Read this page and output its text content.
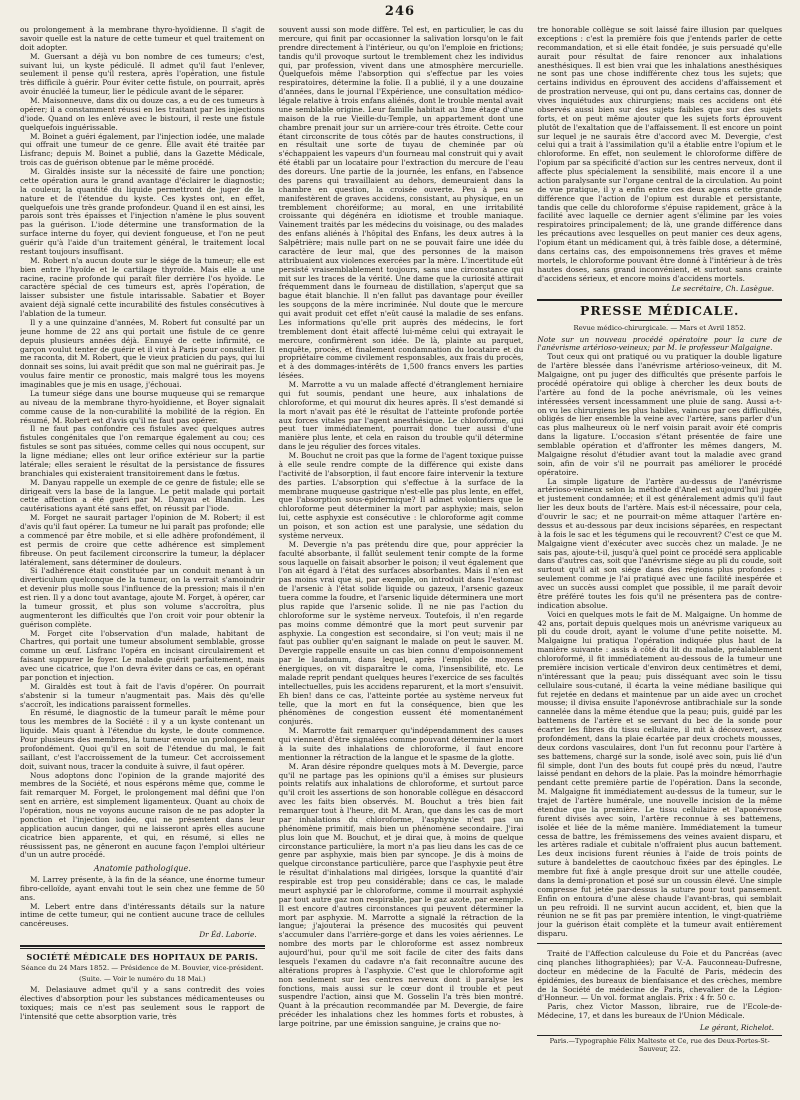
246

ou prolongement à la membrane thyro-hyoïdienne. Il s'agit de savoir quelle est la nature de cette tumeur et quel traitement on doit adopter.

M. Guersant a déjà vu bon nombre de ces tumeurs; c'est, suivant lui, un kyste pédiculé. Il admet qu'il faut l'enlever, seulement il pense qu'il restera, après l'opération, une fistule très difficile à guérir. Pour éviter cette fistule, on pourrait, après avoir énucléé la tumeur, lier le pédicule avant de le séparer.

M. Maisonneuve, dans dix ou douze cas, a eu de ces tumeurs à opérer; il a constamment réussi en les traitant par les injections d'iode. Quand on les enlève avec le bistouri, il reste une fistule quelquefois inguérissable.

M. Boinet a guéri également, par l'injection iodée, une malade qui offrait une tumeur de ce genre. Elle avait été traitée par Lisfranc; depuis M. Boinet a publié, dans la Gazette Médicale, trois cas de guérison obtenue par le même procédé.

M. Giraldès insiste sur la nécessité de faire une ponction; cette opération aura le grand avantage d'éclairer le diagnostic; la couleur, la quantité du liquide permettront de juger de la nature et de l'étendue du kyste. Ces kystes ont, en effet, quelquefois une très grande profondeur. Quand il en est ainsi, les parois sont très épaisses et l'injection n'amène le plus souvent pas la guérison. L'iode détermine une transformation de la surface interne du foyer, qui devient fongueuse, et l'on ne peut guérir qu'à l'aide d'un traitement général, le traitement local restant toujours insuffisant.

M. Robert n'a aucun doute sur le siége de la tumeur; elle est bien entre l'hyoïde et le cartilage thyroïde. Mais elle a une racine, racine profonde qui paraît filer derrière l'os hyoïde. Le caractère spécial de ces tumeurs est, après l'opération, de laisser subsister une fistule intarissable. Sabatier et Boyer avaient déjà signalé cette incurabilité des fistules consécutives à l'ablation de la tumeur.

Il y a une quinzaine d'années, M. Robert fut consulté par un jeune homme de 22 ans qui portait une fistule de ce genre depuis plusieurs années déjà. Ennuyé de cette infirmité, ce garçon voulut tenter de guérir et il vint à Paris pour consulter. Il me raconta, dit M. Robert, que le vieux praticien du pays, qui lui donnait ses soins, lui avait prédit que son mal ne guérirait pas. Je voulus faire mentir ce pronostic, mais malgré tous les moyens imaginables que je mis en usage, j'échouai.

La tumeur siége dans une bourse muqueuse qui se remarque au niveau de la membrane thyro-hyoïdienne, et Boyer signalait comme cause de la non-curabilité la mobilité de la région. En résumé, M. Robert est d'avis qu'il ne faut pas opérer.

Il ne faut pas confondre ces fistules avec quelques autres fistules congénitales que l'on remarque également au cou; ces fistules se sont pas situées, comme celles qui nous occupent, sur la ligne médiane; elles ont leur orifice extérieur sur la partie latérale; elles seraient le résultat de la persistance de fissures branchiales qui existeraient transitoirement dans le fœtus.

M. Danyau rappelle un exemple de ce genre de fistule; elle se dirigeait vers la base de la langue. Le petit malade qui portait cette affection a été guéri par M. Danyau et Blandin. Les cautérisations ayant été sans effet, on réussit par l'iode.

M. Forget ne saurait partager l'opinion de M. Robert; il est d'avis qu'il faut opérer. La tumeur ne lui paraît pas profonde; elle a commencé par être mobile, et si elle adhère profondément, il est permis de croire que cette adhérence est simplement fibreuse. On peut facilement circonscrire la tumeur, la déplacer latéralement, sans déterminer de douleurs.

Si l'adhérence était constituée par un conduit menant à un diverticulum quelconque de la tumeur, on la verrait s'amoindrir et devenir plus molle sous l'influence de la pression; mais il n'en est rien. Il y a donc tout avantage, ajoute M. Forget, à opérer, car la tumeur grossit, et plus son volume s'accroîtra, plus augmenteront les difficultés que l'on croit voir pour obtenir la guérison complète.

M. Forget cite l'observation d'un malade, habitant de Chartres, qui portait une tumeur absolument semblable, grosse comme un œuf. Lisfranc l'opéra en incisant circulairement et faisant suppurer le foyer. Le malade guérit parfaitement, mais avec une cicatrice, que l'on devra éviter dans ce cas, en opérant par ponction et injection.

M. Giraldès est tout à fait de l'avis d'opérer. On pourrait s'abstenir si la tumeur n'augmentait pas. Mais dès qu'elle s'accroît, les indications paraissent formelles.

En résumé, le diagnostic de la tumeur paraît le même pour tous les membres de la Société : il y a un kyste contenant un liquide. Mais quant à l'étendue du kyste, le doute commence. Pour plusieurs des membres, la tumeur envoie un prolongement profondément. Quoi qu'il en soit de l'étendue du mal, le fait saillant, c'est l'accroissement de la tumeur. Cet accroissement doit, suivant nous, tracer la conduite à suivre, il faut opérer.

Nous adoptons donc l'opinion de la grande majorité des membres de la Société, et nous espérons même que, comme le fait remarquer M. Forget, le prolongement mal défini que l'on sent en arrière, est simplement ligamenteux. Quant au choix de l'opération, nous ne voyons aucune raison de ne pas adopter la ponction et l'injection iodée, qui ne présentent dans leur application aucun danger, qui ne laisseront après elles aucune cicatrice bien apparente, et qui, en résumé, si elles ne réussissent pas, ne gêneront en aucune façon l'emploi ultérieur d'un un autre procédé.

Anatomie pathologique.

M. Larrey présente, à la fin de la séance, une énorme tumeur fibro-celloïde, ayant envahi tout le sein chez une femme de 50 ans.

M. Lebert entre dans d'intéressants détails sur la nature intime de cette tumeur, qui ne contient aucune trace de cellules cancéreuses.

Dr Éd. Laborie.
SOCIÉTÉ MÉDICALE DES HOPITAUX DE PARIS.
Séance du 24 Mars 1852. — Présidence de M. Bouvier, vice-président.
(Suite. — Voir le numéro du 18 Mai.)

M. Delasiauve admet qu'il y a sans contredit des voies électives d'absorption pour les substances médicamenteuses ou toxiques; mais ce n'est pas seulement sous le rapport de l'intensité que cette absorption varie, très

souvent aussi son mode diffère. Tel est, en particulier, le cas du mercure, qui finit par occasionner la salivation lorsqu'on le fait prendre directement à l'intérieur, ou qu'on l'emploie en frictions; tandis qu'il provoque surtout le tremblement chez les individus qui, par profession, vivent dans une atmosphère mercurielle. Quelquefois même l'absorption qui s'effectue par les voies respiratoires, détermine la folie. Il a publié, il y a une douzaine d'années, dans le journal l'Expérience, une consultation médico-légale relative à trois enfans aliénés, dont le trouble mental avait une semblable origine. Leur famille habitait au 3me étage d'une maison de la rue Vieille-du-Temple, un appartement dont une chambre prenait jour sur un arrière-cour très étroite. Cette cour étant circonscrite de tous côtés par de hautes constructions, il en résultait une sorte de tuyau de cheminée par où s'échappaient les vapeurs d'un fourneau mal construit qui y avait été établi par un locataire pour l'extraction du mercure de l'eau des doreurs. Une partie de la journée, les enfans, en l'absence des parens qui travaillaient au dehors, demeuraient dans la chambre en question, la croisée ouverte. Peu à peu se manifestèrent de graves accidens, consistant, au physique, en un tremblement choréiforme; au moral, en une irritabilité croissante qui dégénéra en idiotisme et trouble maniaque. Vainement traités par les médecins du voisinage, ou des malades des enfans aliénés à l'hôpital des Enfans, les deux autres à la Salpêtrière; mais nulle part on ne se pouvait faire une idée du caractère de leur mal, que des personnes de la maison attribuaient aux violences exercées par la mère. L'incertitude eût persisté vraisemblablement toujours, sans une circonstance qui mit sur les traces de la vérité. Une dame que la curiosité attirait fréquemment dans le fourneau de distillation, s'aperçut que sa bague était blanchie. Il n'en fallut pas davantage pour éveiller les soupçons de la mère incriminée. Nul doute que le mercure qui avait produit cet effet n'eût causé la maladie de ses enfans. Les informations qu'elle prit auprès des médecins, le fort tremblement dont était affecté lui-même celui qui extrayait le mercure, confirmèrent son idée. De là, plainte au parquet, enquête, procès, et finalement condamnation du locataire et du propriétaire comme civilement responsables, aux frais du procès, et à des dommages-intérêts de 1,500 francs envers les parties lésées.

M. Marrotte a vu un malade affecté d'étranglement herniaire qui fut soumis, pendant une heure, aux inhalations de chloroforme, et qui mourut dix heures après. Il s'est demandé si la mort n'avait pas été le résultat de l'atteinte profonde portée aux forces vitales par l'agent anesthésique. Le chloroforme, qui peut tuer immédiatement, pourrait donc tuer aussi d'une manière plus lente, et cela en raison du trouble qu'il détermine dans le jeu régulier des forces vitales.

M. Bouchut ne croit pas que la forme de l'agent toxique puisse à elle seule rendre compte de la différence qui existe dans l'activité de l'absorption, il faut encore faire intervenir la texture des parties. L'absorption qui s'effectue à la surface de la membrane muqueuse gastrique n'est-elle pas plus lente, en effet, que l'absorption sous-épidermique? Il admet volontiers que le chloroforme peut déterminer la mort par asphyxie; mais, selon lui, cette asphyxie est consécutive : le chloroforme agit comme un poison, et son action est une paralysie, une sédation du système nerveux.

M. Devergie n'a pas prétendu dire que, pour apprécier la faculté absorbante, il fallût seulement tenir compte de la forme sous laquelle on faisait absorber le poison; il veut également que l'on ait égard à l'état des surfaces absorbantes. Mais il n'en est pas moins vrai que si, par exemple, on introduit dans l'estomac de l'arsenic à l'état solide liquide ou gazeux, l'arsenic gazeux tuera comme la foudre, et l'arsenic liquide déterminera une mort plus rapide que l'arsenic solide. Il ne nie pas l'action du chloroforme sur le système nerveux. Toutefois, il n'en regarde pas moins comme démontré que la mort peut survenir par asphyxie. La congestion est secondaire, si l'on veut; mais il ne faut pas oublier qu'en saignant le malade on peut le sauver. M. Devergie rappelle ensuite un cas bien connu d'empoisonnement par le laudanum, dans lequel, après l'emploi de moyens énergiques, on vit disparaître le coma, l'insensibilité, etc. Le malade reprit pendant quelques heures l'exercice de ses facultés intellectuelles, puis les accidens reparurent, et la mort s'ensuivit. Eh bien! dans ce cas, l'atteinte portée au système nerveux fut telle, que la mort en fut la conséquence, bien que les phénomènes de congestion eussent été momentanément conjurés.

M. Marrotte fait remarquer qu'indépendamment des causes qui viennent d'être signalées comme pouvant déterminer la mort à la suite des inhalations de chloroforme, il faut encore mentionner la rétraction de la langue et le spasme de la glotte.

M. Aran désire répondre quelques mots à M. Devergie, parce qu'il ne partage pas les opinions qu'il a émises sur plusieurs points relatifs aux inhalations de chloroforme, et surtout parce qu'il croit les assertions de son honorable collègue en désaccord avec les faits bien observés. M. Bouchut a très bien fait remarquer tout à l'heure, dit M. Aran, que dans les cas de mort par inhalations du chloroforme, l'asphyxie n'est pas un phénomène primitif, mais bien un phénomène secondaire. J'irai plus loin que M. Bouchut, et je dirai que, à moins de quelque circonstance particulière, la mort n'a pas lieu dans les cas de ce genre par asphyxie, mais bien par syncope. Je dis à moins de quelque circonstance particulière, parce que l'asphyxie peut être le résultat d'inhalations mal dirigées, lorsque la quantité d'air respirable est trop peu considérable; dans ce cas, le malade meurt asphyxié par le chloroforme, comme il mourrait asphyxié par tout autre gaz non respirable, par le gaz azote, par exemple. Il est encore d'autres circonstances qui peuvent déterminer la mort par asphyxie. M. Marrotte a signalé la rétraction de la langue; j'ajouterai la présence des mucosités qui peuvent s'accumuler dans l'arrière-gorge et dans les voies aériennes. Le nombre des morts par le chloroforme est assez nombreux aujourd'hui, pour qu'il me soit facile de citer des faits dans lesquels l'examen du cadavre n'a fait reconnaître aucune des altérations propres à l'asphyxie. C'est que le chloroforme agit non seulement sur les centres nerveux dont il paralyse les fonctions, mais aussi sur le cœur dont il trouble et peut suspendre l'action, ainsi que M. Gosselin l'a très bien montré. Quant à la précaution recommandée par M. Devergie, de faire précéder les inhalations chez les hommes forts et robustes, à large poitrine, par une émission sanguine, je crains que no-

tre honorable collègue se soit laissé faire illusion par quelques exceptions : c'est la première fois que j'entends parler de cette recommandation, et si elle était fondée, je suis persuadé qu'elle aurait pour résultat de faire renoncer aux inhalations anesthésiques. Il est bien vrai que les inhalations anesthésiques ne sont pas une chose indifférente chez tous les sujets; que certains individus en éprouvent des accidens d'affaissement et de prostration nerveuse, qui ont pu, dans certains cas, donner de vives inquiétudes aux chirurgiens; mais ces accidens ont été observés aussi bien sur des sujets faibles que sur des sujets forts, et on peut même ajouter que les sujets forts éprouvent plutôt de l'exaltation que de l'affaissement. Il est encore un point sur lequel je ne saurais être d'accord avec M. Devergie, c'est celui qui a trait à l'assimilation qu'il a établie entre l'opium et le chloroforme. En effet, non seulement le chloroforme diffère de l'opium par sa spécificité d'action sur les centres nerveux, dont il affecte plus spécialement la sensibilité, mais encore il a une action paralysante sur l'organe central de la circulation. Au point de vue pratique, il y a enfin entre ces deux agens cette grande différence que l'action de l'opium est durable et persistante, tandis que celle du chloroforme s'épuise rapidement, grâce à la facilité avec laquelle ce dernier agent s'élimine par les voies respiratoires principalement; de là, une grande différence dans les précautions avec lesquelles on peut manier ces deux agens, l'opium étant un médicament qui, à très faible dose, a déterminé, dans certains cas, des empoisonnemens très graves et même mortels, le chloroforme pouvant être donné à l'intérieur à de très hautes doses, sans grand inconvénient, et surtout sans crainte d'accidens sérieux, et encore moins d'accidens mortels.

Le secrétaire, Ch. Lasègue.
PRESSE MÉDICALE.
Revue médico-chirurgicale. — Mars et Avril 1852.

Note sur un nouveau procédé opératoire pour la cure de l'anévrisme artérioso-veineux; par M. le professeur Malgaigne.

Tout ceux qui ont pratiqué ou vu pratiquer la double ligature de l'artère blessée dans l'anévrisme artérioso-veineux, dit M. Malgaigne, ont pu juger des difficultés que présente parfois le procédé opératoire qui oblige à chercher les deux bouts de l'artère au fond de la poche anévrismale, où les veines intéressées versent incessamment une pluie de sang. Aussi a-t-on vu les chirurgiens les plus habiles, vaincus par ces difficultés, obligés de lier ensemble la veine avec l'artère, sans parler d'un cas plus malheureux où le nerf voisin parait avoir été compris dans la ligature. L'occasion s'étant présentée de faire une semblable opération et d'affronter les mêmes dangers, M. Malgaigne résolut d'étudier avant tout la maladie avec grand soin, afin de voir s'il ne pourrait pas améliorer le procédé opératoire.

La simple ligature de l'artère au-dessus de l'anévrisme artérioso-veineux selon la méthode d'Anel est aujourd'hui jugée et justement condamnée; et il est généralement admis qu'il faut lier les deux bouts de l'artère. Mais est-il nécessaire, pour cela, d'ouvrir le sac; et ne pourrait-on même attaquer l'artère en-dessus et au-dessous par deux incisions séparées, en respectant à la fois le sac et les tégumens qui le recouvrent? C'est ce que M. Malgaigne vient d'exécuter avec succès chez un malade. Je ne sais pas, ajoute-t-il, jusqu'à quel point ce procédé sera applicable dans d'autres cas, soit que l'anévrisme siége au pli du coude, soit surtout qu'il ait son siége dans des régions plus profondes : seulement comme je l'ai pratiqué avec une facilité inespérée et avec un succès aussi complet que possible, il me paraît devoir être préféré toutes les fois qu'il ne présentera pas de contre-indication absolue.

Voici en quelques mots le fait de M. Malgaigne. Un homme de 42 ans, portait depuis quelques mois un anévrisme variqueux au pli du coude droit, ayant le volume d'une petite noisette. M. Malgaigne lui pratiqua l'opération indiquée plus haut de la manière suivante : assis à côté du lit du malade, préalablement chloroformé, il fit immédiatement au-dessous de la tumeur une première incision verticale d'environ deux centimètres et demi, n'intéressant que la peau; puis disséquant avec soin le tissu cellulaire sous-cutané, il écarta la veine médiane basilique qui fut rejetée en dedans et maintenue par un aide avec un crochet mousse; il divisa ensuite l'aponévrose antibrachiale sur la sonde cannelée dans la même étendue que la peau; puis, guidé par les battemens de l'artère et se servant du bec de la sonde pour écarter les fibres du tissu cellulaire, il mit à découvert, assez profondément, dans la plaie écartée par deux crochets mousses, deux cordons vasculaires, dont l'un fut reconnu pour l'artère à ses battemens, chargé sur la sonde, isolé avec soin, puis lié d'un fil simple, dont l'un des bouts fut coupé près du nœud, l'autre laissé pendant en dehors de la plaie. Pas la moindre hémorrhagie pendant cette première partie de l'opération. Dans la seconde, M. Malgaigne fit immédiatement au-dessus de la tumeur, sur le trajet de l'artère humérale, une nouvelle incision de la même étendue que la première. Le tissu cellulaire et l'aponévrose furent divisés avec soin, l'artère reconnue à ses battemens, isolée et liée de la même manière. Immédiatement la tumeur cessa de battre, les frémissemens des veines avaient disparu, et les artères radiale et cubitale n'offraient plus aucun battement. Les deux incisions furent réunies à l'aide de trois points de suture à bandelettes de caoutchouc fixées par des épingles. Le membre fut fixé à angle presque droit sur une attelle coudée, dans la demi-pronation et posé sur un coussin élevé. Une simple compresse fut jetée par-dessus la suture pour tout pansement. Enfin on entoura d'une alèse chaude l'avant-bras, qui semblait un peu refroidi. Il ne survint aucun accident, et, bien que la réunion ne se fit pas par première intention, le vingt-quatrième jour la guérison était complète et la tumeur avait entièrement disparu.

Traité de l'Affection calculeuse du Foie et du Pancréas (avec cinq planches lithographiées); par V.-A. Fauconneau-Dufresne, docteur en médecine de la Faculté de Paris, médecin des épidémies, des bureaux de bienfaisance et des crèches, membre de la Société de médecine de Paris, chevalier de la Légion-d'Honneur. — Un vol. format anglais. Prix : 4 fr. 50 c.

Paris, chez Victor Masson, libraire, rue de l'Ecole-de-Médecine, 17, et dans les bureaux de l'Union Médicale.

Le gérant, Richelot.
Paris.—Typographie Félix Malteste et Ce, rue des Deux-Portes-St-Sauveur, 22.
